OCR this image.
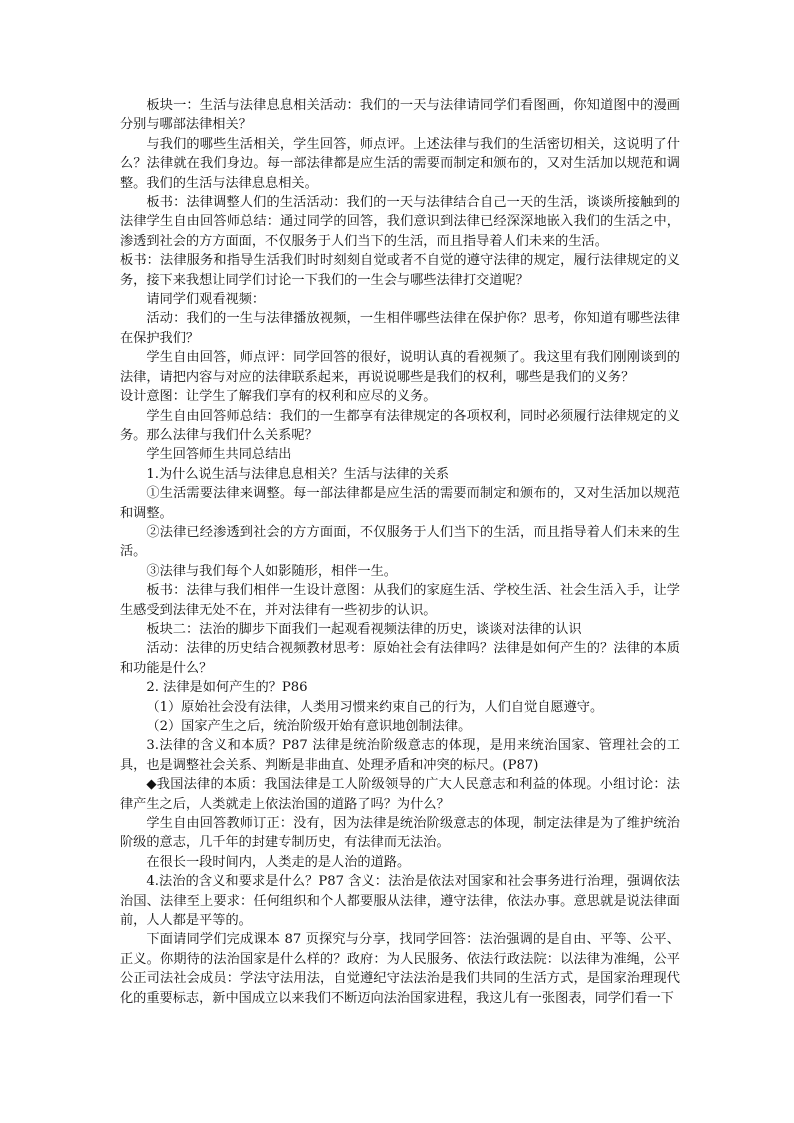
板块一：生活与法律息息相关活动：我们的一天与法律请同学们看图画，你知道图中的漫画分别与哪部法律相关？

与我们的哪些生活相关，学生回答，师点评。上述法律与我们的生活密切相关，这说明了什么？法律就在我们身边。每一部法律都是应生活的需要而制定和颁布的，又对生活加以规范和调整。我们的生活与法律息息相关。

板书：法律调整人们的生活活动：我们的一天与法律结合自己一天的生活，谈谈所接触到的法律学生自由回答师总结：通过同学的回答，我们意识到法律已经深深地嵌入我们的生活之中，渗透到社会的方方面面，不仅服务于人们当下的生活，而且指导着人们未来的生活。

板书：法律服务和指导生活我们时时刻刻自觉或者不自觉的遵守法律的规定，履行法律规定的义务，接下来我想让同学们讨论一下我们的一生会与哪些法律打交道呢？

请同学们观看视频：

活动：我们的一生与法律播放视频，一生相伴哪些法律在保护你？思考，你知道有哪些法律在保护我们？

学生自由回答，师点评：同学回答的很好，说明认真的看视频了。我这里有我们刚刚谈到的法律，请把内容与对应的法律联系起来，再说说哪些是我们的权利，哪些是我们的义务？

设计意图：让学生了解我们享有的权利和应尽的义务。

学生自由回答师总结：我们的一生都享有法律规定的各项权利，同时必须履行法律规定的义务。那么法律与我们什么关系呢？

学生回答师生共同总结出

1.为什么说生活与法律息息相关？生活与法律的关系

①生活需要法律来调整。每一部法律都是应生活的需要而制定和颁布的，又对生活加以规范和调整。

②法律已经渗透到社会的方方面面，不仅服务于人们当下的生活，而且指导着人们未来的生活。

③法律与我们每个人如影随形，相伴一生。

板书：法律与我们相伴一生设计意图：从我们的家庭生活、学校生活、社会生活入手，让学生感受到法律无处不在，并对法律有一些初步的认识。

板块二：法治的脚步下面我们一起观看视频法律的历史，谈谈对法律的认识

活动：法律的历史结合视频教材思考：原始社会有法律吗？法律是如何产生的？法律的本质和功能是什么？

2. 法律是如何产生的？P86

（1）原始社会没有法律，人类用习惯来约束自己的行为，人们自觉自愿遵守。

（2）国家产生之后，统治阶级开始有意识地创制法律。

3.法律的含义和本质？P87 法律是统治阶级意志的体现，是用来统治国家、管理社会的工具，也是调整社会关系、判断是非曲直、处理矛盾和冲突的标尺。(P87)

◆我国法律的本质：我国法律是工人阶级领导的广大人民意志和利益的体现。小组讨论：法律产生之后，人类就走上依法治国的道路了吗？为什么？

学生自由回答教师订正：没有，因为法律是统治阶级意志的体现，制定法律是为了维护统治阶级的意志，几千年的封建专制历史，有法律而无法治。

在很长一段时间内，人类走的是人治的道路。

4.法治的含义和要求是什么？P87 含义：法治是依法对国家和社会事务进行治理，强调依法治国、法律至上要求：任何组织和个人都要服从法律，遵守法律，依法办事。意思就是说法律面前，人人都是平等的。

下面请同学们完成课本 87 页探究与分享，找同学回答：法治强调的是自由、平等、公平、正义。你期待的法治国家是什么样的？政府：为人民服务、依法行政法院：以法律为准绳，公平公正司法社会成员：学法守法用法，自觉遵纪守法法治是我们共同的生活方式，是国家治理现代化的重要标志，新中国成立以来我们不断迈向法治国家进程，我这儿有一张图表，同学们看一下
